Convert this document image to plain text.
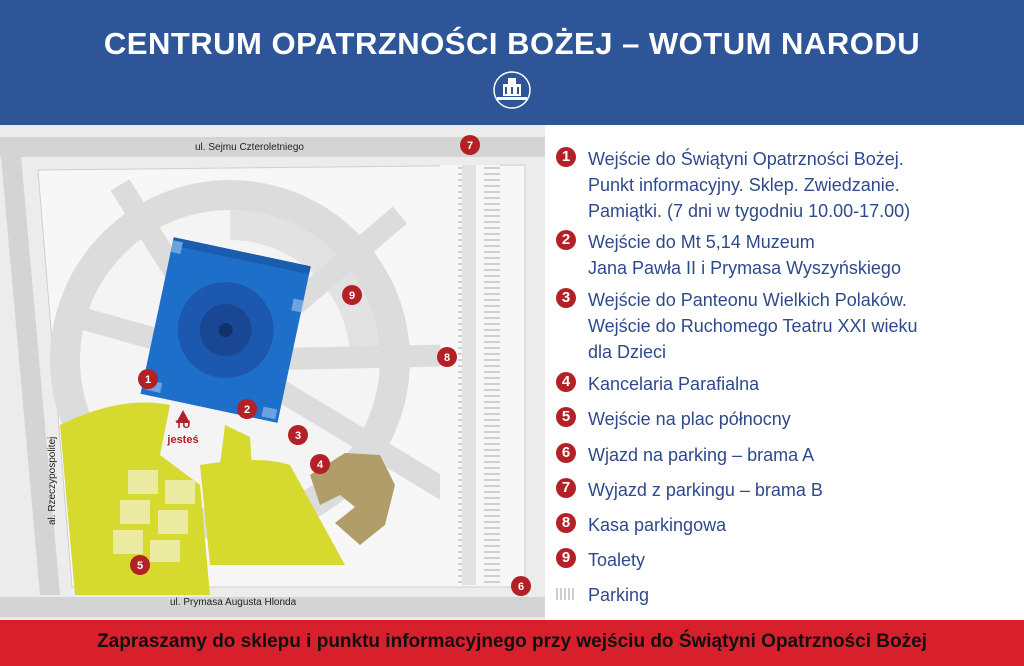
CENTRUM OPATRZNOŚCI BOŻEJ – WOTUM NARODU
ul. Sejmu Czteroletniego
ul. Prymasa Augusta Hlonda
al. Rzeczypospolitej
TU
jesteś
1
2
3
4
5
6
7
8
9
1 Wejście do Świątyni Opatrzności Bożej.
Punkt informacyjny. Sklep. Zwiedzanie.
Pamiątki. (7 dni w tygodniu 10.00-17.00)
2 Wejście do Mt 5,14 Muzeum
Jana Pawła II i Prymasa Wyszyńskiego
3 Wejście do Panteonu Wielkich Polaków.
Wejście do Ruchomego Teatru XXI wieku
dla Dzieci
4 Kancelaria Parafialna
5 Wejście na plac północny
6 Wjazd na parking – brama A
7 Wyjazd z parkingu – brama B
8 Kasa parkingowa
9 Toalety
Parking
Zapraszamy do sklepu i punktu informacyjnego przy wejściu do Świątyni Opatrzności Bożej
